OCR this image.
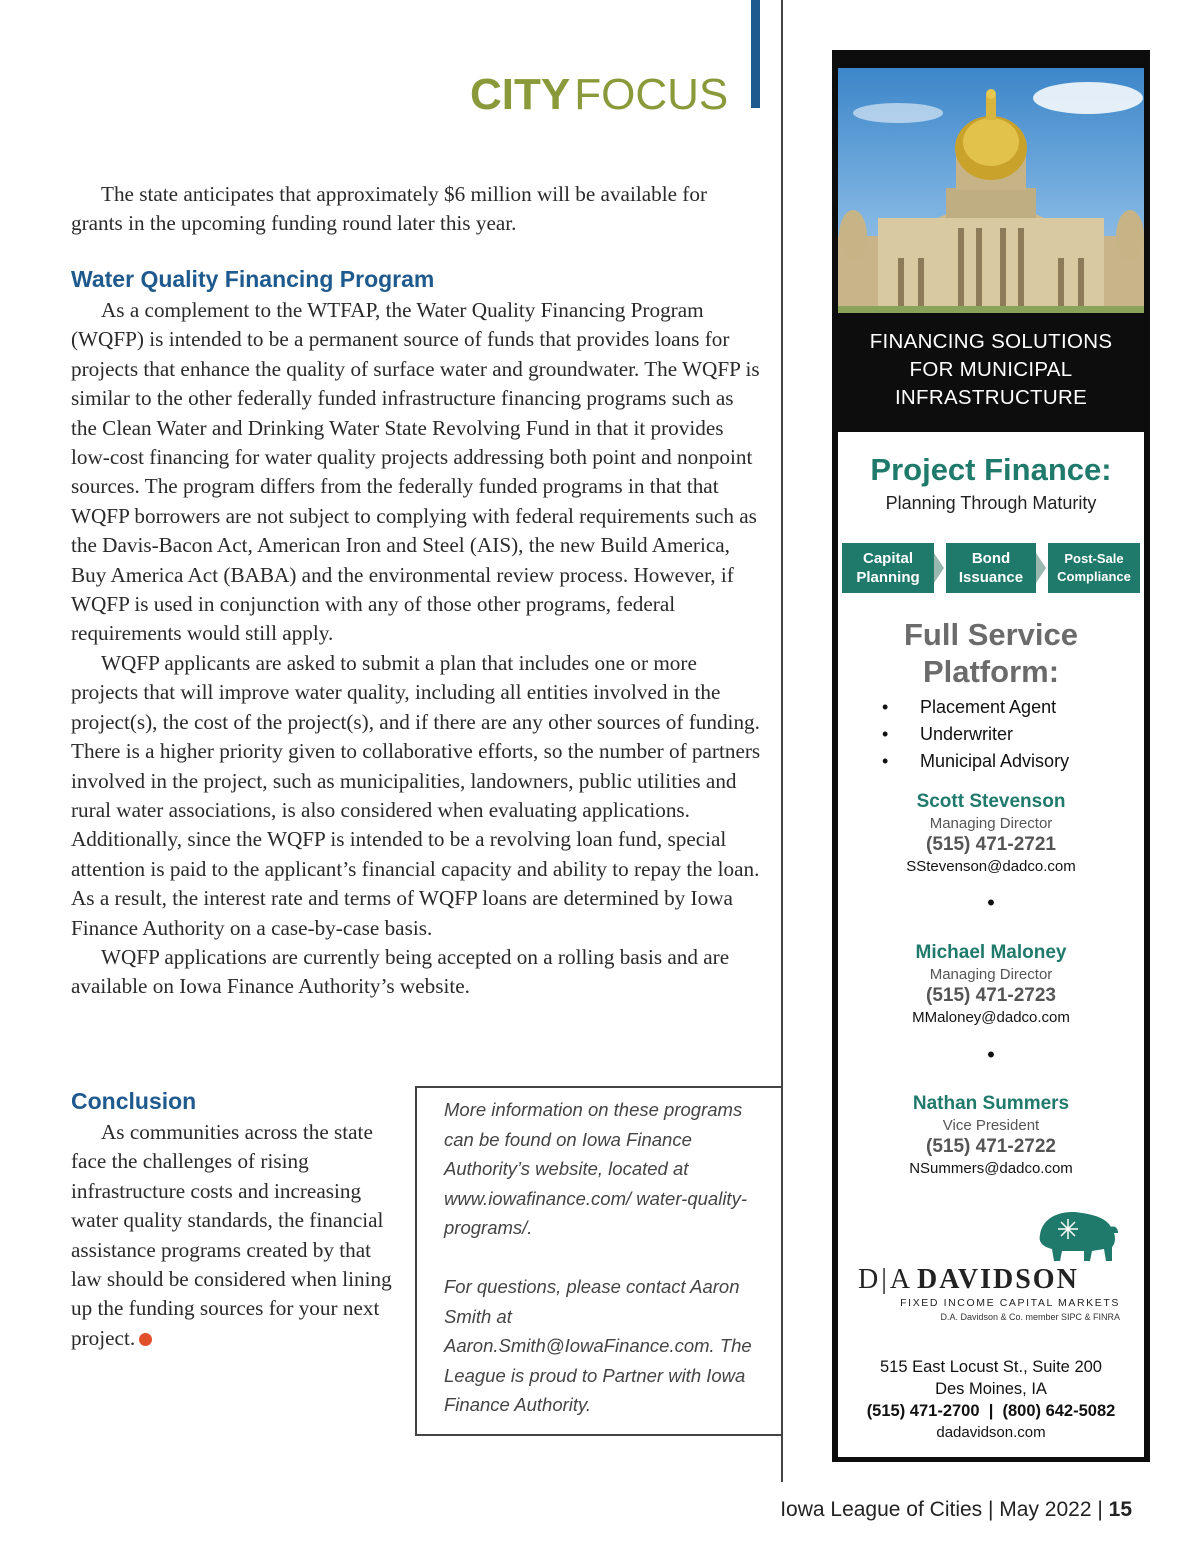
CITY FOCUS

The state anticipates that approximately $6 million will be available for grants in the upcoming funding round later this year.

Water Quality Financing Program

As a complement to the WTFAP, the Water Quality Financing Program (WQFP) is intended to be a permanent source of funds that provides loans for projects that enhance the quality of surface water and groundwater. The WQFP is similar to the other federally funded infrastructure financing programs such as the Clean Water and Drinking Water State Revolving Fund in that it provides low-cost financing for water quality projects addressing both point and nonpoint sources. The program differs from the federally funded programs in that that WQFP borrowers are not subject to complying with federal requirements such as the Davis-Bacon Act, American Iron and Steel (AIS), the new Build America, Buy America Act (BABA) and the environmental review process. However, if WQFP is used in conjunction with any of those other programs, federal requirements would still apply.

WQFP applicants are asked to submit a plan that includes one or more projects that will improve water quality, including all entities involved in the project(s), the cost of the project(s), and if there are any other sources of funding. There is a higher priority given to collaborative efforts, so the number of partners involved in the project, such as municipalities, landowners, public utilities and rural water associations, is also considered when evaluating applications. Additionally, since the WQFP is intended to be a revolving loan fund, special attention is paid to the applicant’s financial capacity and ability to repay the loan. As a result, the interest rate and terms of WQFP loans are determined by Iowa Finance Authority on a case-by-case basis.

WQFP applications are currently being accepted on a rolling basis and are available on Iowa Finance Authority’s website.

Conclusion

As communities across the state face the challenges of rising infrastructure costs and increasing water quality standards, the financial assistance programs created by that law should be considered when lining up the funding sources for your next project.

More information on these programs can be found on Iowa Finance Authority’s website, located at www.iowafinance.com/ water-quality-programs/.
For questions, please contact Aaron Smith at Aaron.Smith@IowaFinance.com. The League is proud to Partner with Iowa Finance Authority.
FINANCING SOLUTIONS FOR MUNICIPAL INFRASTRUCTURE
Project Finance:
Planning Through Maturity
Capital Planning
Bond Issuance
Post-Sale Compliance
Full Service Platform:
• Placement Agent
• Underwriter
• Municipal Advisory
Scott Stevenson
Managing Director
(515) 471-2721
SStevenson@dadco.com
•
Michael Maloney
Managing Director
(515) 471-2723
MMaloney@dadco.com
•
Nathan Summers
Vice President
(515) 471-2722
NSummers@dadco.com
D|A DAVIDSON
FIXED INCOME CAPITAL MARKETS
D.A. Davidson & Co. member SIPC & FINRA
515 East Locust St., Suite 200
Des Moines, IA
(515) 471-2700  |  (800) 642-5082
dadavidson.com
Iowa League of Cities | May 2022 | 15
